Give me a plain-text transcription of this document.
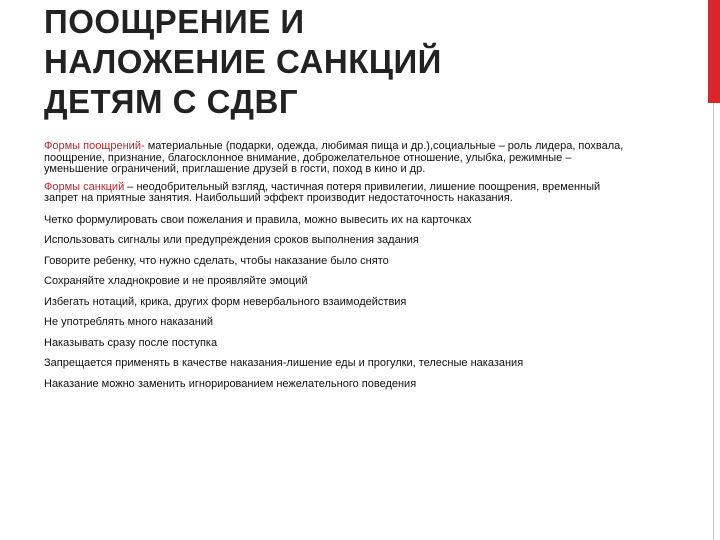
ПООЩРЕНИЕ И
НАЛОЖЕНИЕ САНКЦИЙ
ДЕТЯМ С СДВГ

Формы поощрений- материальные (подарки, одежда, любимая пища и др.),социальные – роль лидера, похвала, поощрение, признание, благосклонное внимание, доброжелательное отношение, улыбка, режимные – уменьшение ограничений, приглашение друзей в гости, поход в кино и др.

Формы санкций – неодобрительный взгляд, частичная потеря привилегии, лишение поощрения, временный запрет на приятные занятия. Наибольший эффект производит недостаточность наказания.

Четко формулировать свои пожелания и правила, можно вывесить их на карточках

Использовать сигналы или предупреждения сроков выполнения задания

Говорите ребенку, что нужно сделать, чтобы наказание было снято

Сохраняйте хладнокровие и не проявляйте эмоций

Избегать нотаций, крика, других форм невербального взаимодействия

Не употреблять много наказаний

Наказывать сразу после поступка

Запрещается применять в качестве наказания-лишение еды и прогулки, телесные наказания

Наказание можно заменить игнорированием нежелательного поведения
